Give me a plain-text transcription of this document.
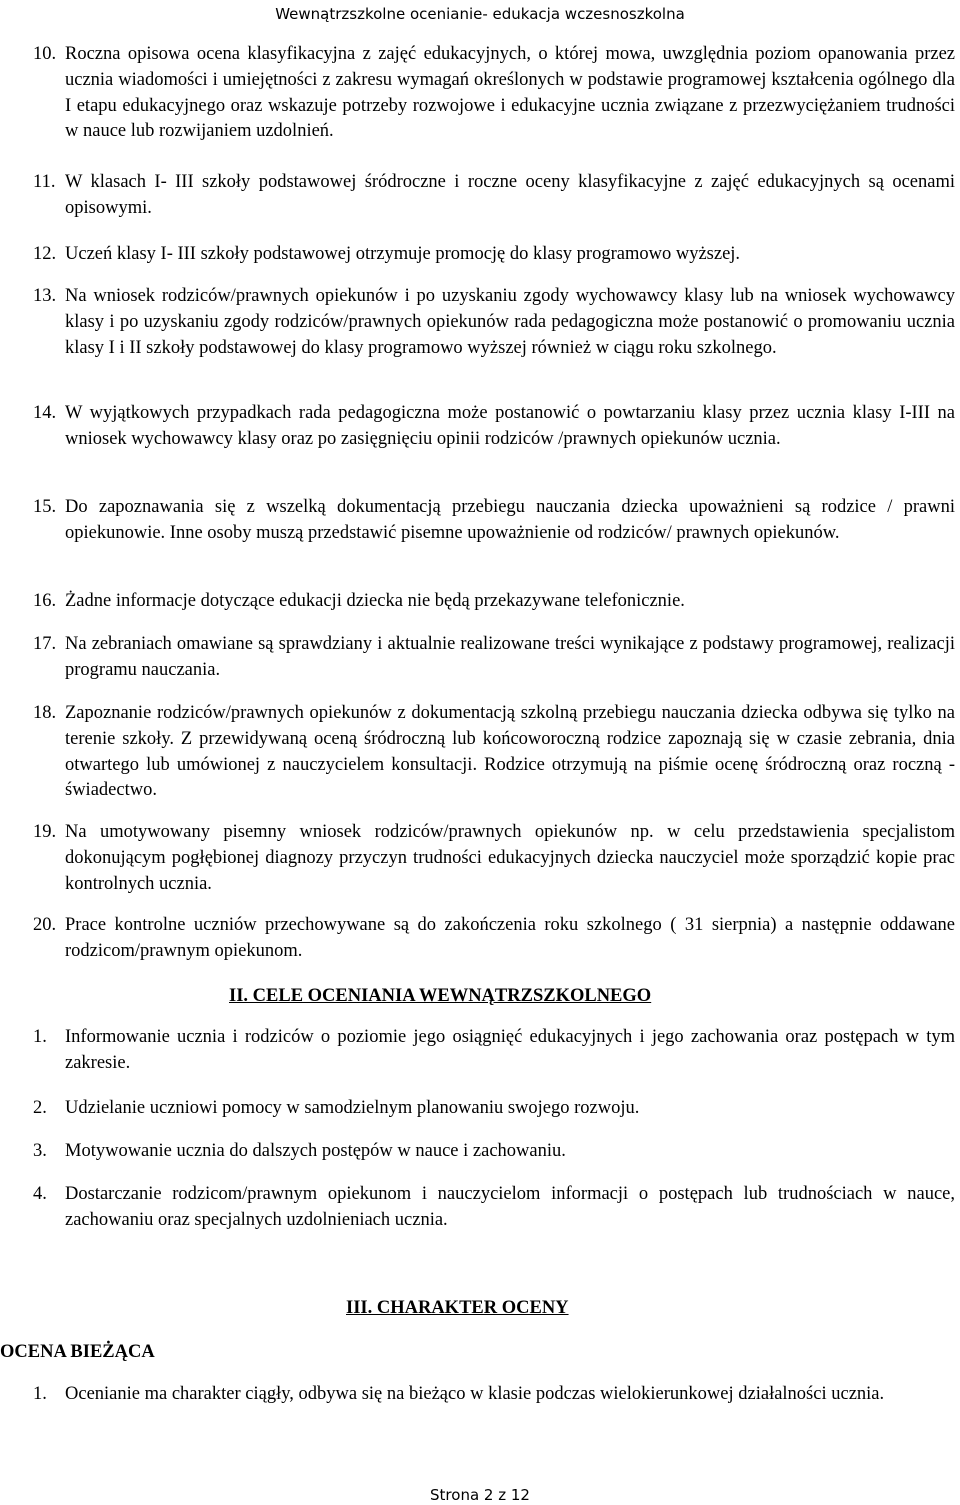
Wewnątrzszkolne ocenianie- edukacja wczesnoszkolna
10. Roczna opisowa ocena klasyfikacyjna z zajęć edukacyjnych, o której mowa, uwzględnia poziom opanowania przez ucznia wiadomości i umiejętności z zakresu wymagań określonych w podstawie programowej kształcenia ogólnego dla I etapu edukacyjnego oraz wskazuje potrzeby rozwojowe i edukacyjne ucznia związane z przezwyciężaniem trudności w nauce lub rozwijaniem uzdolnień.
11. W klasach I- III szkoły podstawowej śródroczne i roczne oceny klasyfikacyjne z zajęć edukacyjnych są ocenami opisowymi.
12. Uczeń klasy I- III szkoły podstawowej otrzymuje promocję do klasy programowo wyższej.
13. Na wniosek rodziców/prawnych opiekunów i po uzyskaniu zgody wychowawcy klasy lub na wniosek wychowawcy klasy i po uzyskaniu zgody rodziców/prawnych opiekunów rada pedagogiczna może postanowić o promowaniu ucznia klasy I i II szkoły podstawowej do klasy programowo wyższej również w ciągu roku szkolnego.
14. W wyjątkowych przypadkach rada pedagogiczna może postanowić o powtarzaniu klasy przez ucznia klasy I-III na wniosek wychowawcy klasy oraz po zasięgnięciu opinii rodziców /prawnych opiekunów ucznia.
15. Do zapoznawania się z wszelką dokumentacją przebiegu nauczania dziecka upoważnieni są rodzice / prawni opiekunowie. Inne osoby muszą przedstawić pisemne upoważnienie od rodziców/ prawnych opiekunów.
16. Żadne informacje dotyczące edukacji dziecka nie będą przekazywane telefonicznie.
17. Na zebraniach omawiane są sprawdziany i aktualnie realizowane treści wynikające z podstawy programowej, realizacji programu nauczania.
18. Zapoznanie rodziców/prawnych opiekunów z dokumentacją szkolną przebiegu nauczania dziecka odbywa się tylko na terenie szkoły. Z przewidywaną oceną śródroczną lub końcoworoczną rodzice zapoznają się w czasie zebrania, dnia otwartego lub umówionej z nauczycielem konsultacji. Rodzice otrzymują na piśmie ocenę śródroczną oraz roczną - świadectwo.
19. Na umotywowany pisemny wniosek rodziców/prawnych opiekunów np. w celu przedstawienia specjalistom dokonującym pogłębionej diagnozy przyczyn trudności edukacyjnych dziecka nauczyciel może sporządzić kopie prac kontrolnych ucznia.
20. Prace kontrolne uczniów przechowywane są do zakończenia roku szkolnego ( 31 sierpnia) a następnie oddawane rodzicom/prawnym opiekunom.
II. CELE OCENIANIA WEWNĄTRZSZKOLNEGO
1. Informowanie ucznia i rodziców o poziomie jego osiągnięć edukacyjnych i jego zachowania oraz postępach w tym zakresie.
2. Udzielanie uczniowi pomocy w samodzielnym planowaniu swojego rozwoju.
3. Motywowanie ucznia do dalszych postępów w nauce i zachowaniu.
4. Dostarczanie rodzicom/prawnym opiekunom i nauczycielom informacji o postępach lub trudnościach w nauce, zachowaniu oraz specjalnych uzdolnieniach ucznia.
III. CHARAKTER OCENY
OCENA BIEŻĄCA
1. Ocenianie ma charakter ciągły, odbywa się na bieżąco w klasie podczas wielokierunkowej działalności ucznia.
Strona 2 z 12
